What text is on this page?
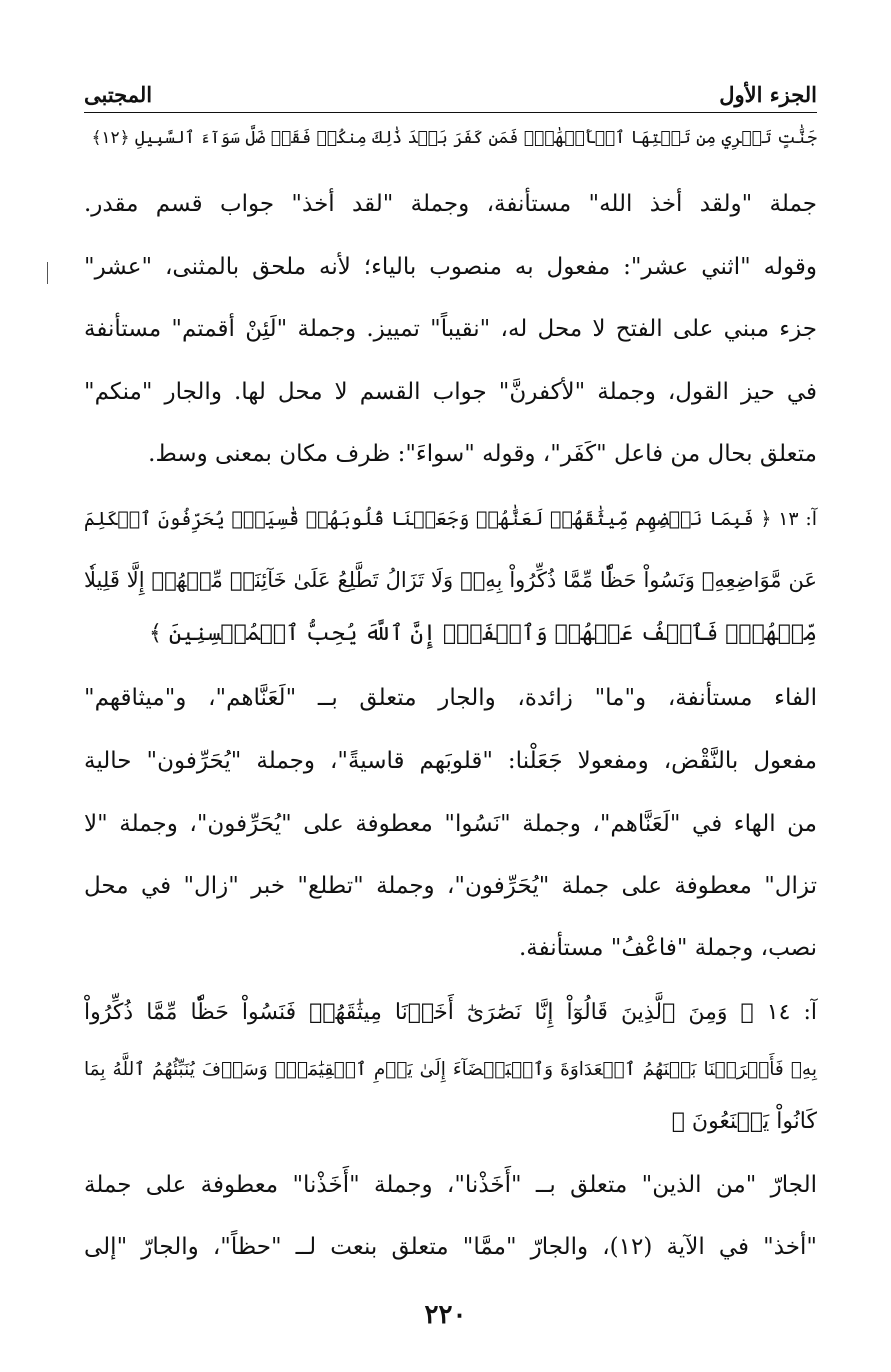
الجزء الأول
المجتبى
جَنَّٰتٍ تَجۡرِي مِن تَحۡتِهَا ٱلۡأَنۡهَٰرُۚ فَمَن كَفَرَ بَعۡدَ ذَٰلِكَ مِنكُمۡ فَقَدۡ ضَلَّ سَوَآءَ ٱلسَّبِيلِ ﴿١٢﴾
جملة "ولقد أخذ الله" مستأنفة، وجملة "لقد أخذ" جواب قسم مقدر.
وقوله "اثني عشر": مفعول به منصوب بالياء؛ لأنه ملحق بالمثنى، "عشر"
جزء مبني على الفتح لا محل له، "نقيباً" تمييز. وجملة "لَئِنْ أقمتم" مستأنفة
في حيز القول، وجملة "لأكفرنَّ" جواب القسم لا محل لها. والجار "منكم"
متعلق بحال من فاعل "كَفَر"، وقوله "سواءَ": ظرف مكان بمعنى وسط.
آ: ١٣ ﴿ فَبِمَا نَقۡضِهِم مِّيثَٰقَهُمۡ لَعَنَّٰهُمۡ وَجَعَلۡنَا قُلُوبَهُمۡ قَٰسِيَةٗۖ يُحَرِّفُونَ ٱلۡكَلِمَ
عَن مَّوَاضِعِهِۦ وَنَسُواْ حَظّٗا مِّمَّا ذُكِّرُواْ بِهِۦۚ وَلَا تَزَالُ تَطَّلِعُ عَلَىٰ خَآئِنَةٖ مِّنۡهُمۡ إِلَّا قَلِيلٗا
مِّنۡهُمۡۖ فَٱعۡفُ عَنۡهُمۡ وَٱصۡفَحۡۚ إِنَّ ٱللَّهَ يُحِبُّ ٱلۡمُحۡسِنِينَ ﴾
الفاء مستأنفة، و"ما" زائدة، والجار متعلق بــ "لَعَنَّاهم"، و"ميثاقهم"
مفعول بالنَّقْض، ومفعولا جَعَلْنا: "قلوبَهم قاسيةً"، وجملة "يُحَرِّفون" حالية
من الهاء في "لَعَنَّاهم"، وجملة "نَسُوا" معطوفة على "يُحَرِّفون"، وجملة "لا
تزال" معطوفة على جملة "يُحَرِّفون"، وجملة "تطلع" خبر "زال" في محل
نصب، وجملة "فاعْفُ" مستأنفة.
آ: ١٤ ﴿ وَمِنَ ٱلَّذِينَ قَالُوٓاْ إِنَّا نَصَٰرَىٰٓ أَخَذۡنَا مِيثَٰقَهُمۡ فَنَسُواْ حَظّٗا مِّمَّا ذُكِّرُواْ
بِهِۦ فَأَغۡرَيۡنَا بَيۡنَهُمُ ٱلۡعَدَاوَةَ وَٱلۡبَغۡضَآءَ إِلَىٰ يَوۡمِ ٱلۡقِيَٰمَةِۚ وَسَوۡفَ يُنَبِّئُهُمُ ٱللَّهُ بِمَا
كَانُواْ يَصۡنَعُونَ ﴾
الجارّ "من الذين" متعلق بــ "أَخَذْنا"، وجملة "أَخَذْنا" معطوفة على جملة
"أخذ" في الآية (١٢)، والجارّ "ممَّا" متعلق بنعت لــ "حظاً"، والجارّ "إلى
٢٢٠
